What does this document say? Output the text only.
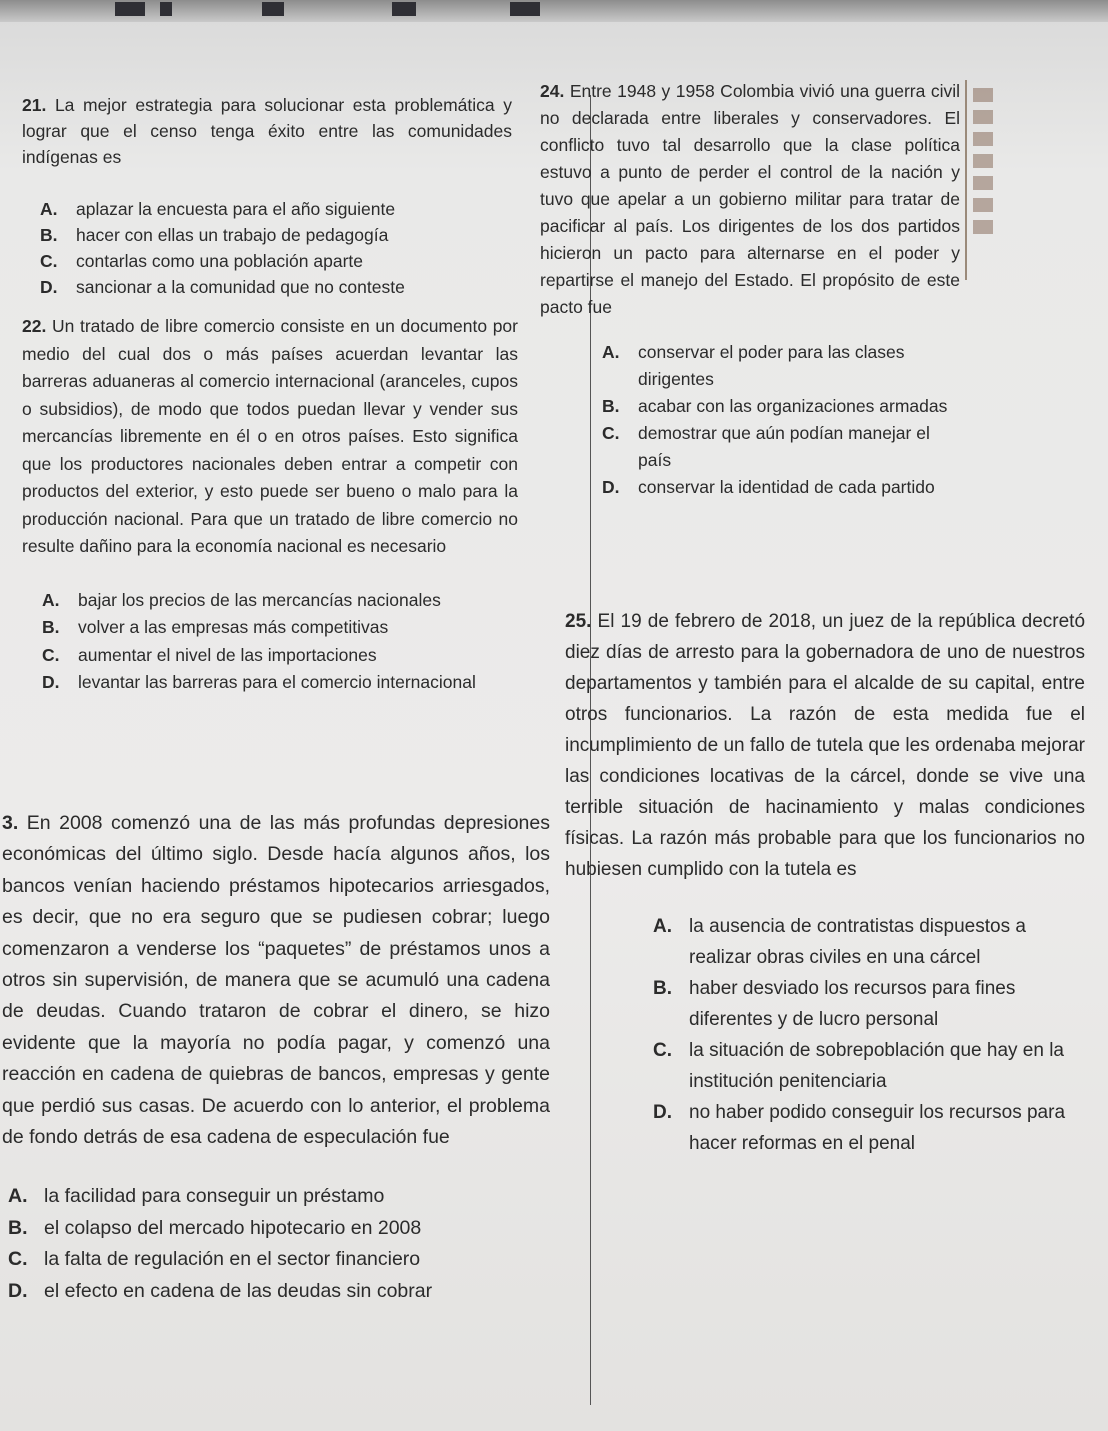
21. La mejor estrategia para solucionar esta problemática y lograr que el censo tenga éxito entre las comunidades indígenas es

A.	aplazar la encuesta para el año siguiente
B.	hacer con ellas un trabajo de pedagogía
C.	contarlas como una población aparte
D.	sancionar a la comunidad que no conteste

22. Un tratado de libre comercio consiste en un documento por medio del cual dos o más países acuerdan levantar las barreras aduaneras al comercio internacional (aranceles, cupos o subsidios), de modo que todos puedan llevar y vender sus mercancías libremente en él o en otros países. Esto significa que los productores nacionales deben entrar a competir con productos del exterior, y esto puede ser bueno o malo para la producción nacional. Para que un tratado de libre comercio no resulte dañino para la economía nacional es necesario

A.	bajar los precios de las mercancías nacionales
B.	volver a las empresas más competitivas
C.	aumentar el nivel de las importaciones
D.	levantar las barreras para el comercio internacional

3. En 2008 comenzó una de las más profundas depresiones económicas del último siglo. Desde hacía algunos años, los bancos venían haciendo préstamos hipotecarios arriesgados, es decir, que no era seguro que se pudiesen cobrar; luego comenzaron a venderse los “paquetes” de préstamos unos a otros sin supervisión, de manera que se acumuló una cadena de deudas. Cuando trataron de cobrar el dinero, se hizo evidente que la mayoría no podía pagar, y comenzó una reacción en cadena de quiebras de bancos, empresas y gente que perdió sus casas. De acuerdo con lo anterior, el problema de fondo detrás de esa cadena de especulación fue

A. la facilidad para conseguir un préstamo
B. el colapso del mercado hipotecario en 2008
C. la falta de regulación en el sector financiero
D. el efecto en cadena de las deudas sin cobrar

24. Entre 1948 y 1958 Colombia vivió una guerra civil no declarada entre liberales y conservadores. El conflicto tuvo tal desarrollo que la clase política estuvo a punto de perder el control de la nación y tuvo que apelar a un gobierno militar para tratar de pacificar al país. Los dirigentes de los dos partidos hicieron un pacto para alternarse en el poder y repartirse el manejo del Estado. El propósito de este pacto fue

A.	conservar el poder para las clases dirigentes
B.	acabar con las organizaciones armadas
C.	demostrar que aún podían manejar el país
D.	conservar la identidad de cada partido

25. El 19 de febrero de 2018, un juez de la república decretó diez días de arresto para la gobernadora de uno de nuestros departamentos y también para el alcalde de su capital, entre otros funcionarios. La razón de esta medida fue el incumplimiento de un fallo de tutela que les ordenaba mejorar las condiciones locativas de la cárcel, donde se vive una terrible situación de hacinamiento y malas condiciones físicas. La razón más probable para que los funcionarios no hubiesen cumplido con la tutela es

A. la ausencia de contratistas dispuestos a realizar obras civiles en una cárcel
B. haber desviado los recursos para fines diferentes y de lucro personal
C. la situación de sobrepoblación que hay en la institución penitenciaria
D. no haber podido conseguir los recursos para hacer reformas en el penal
